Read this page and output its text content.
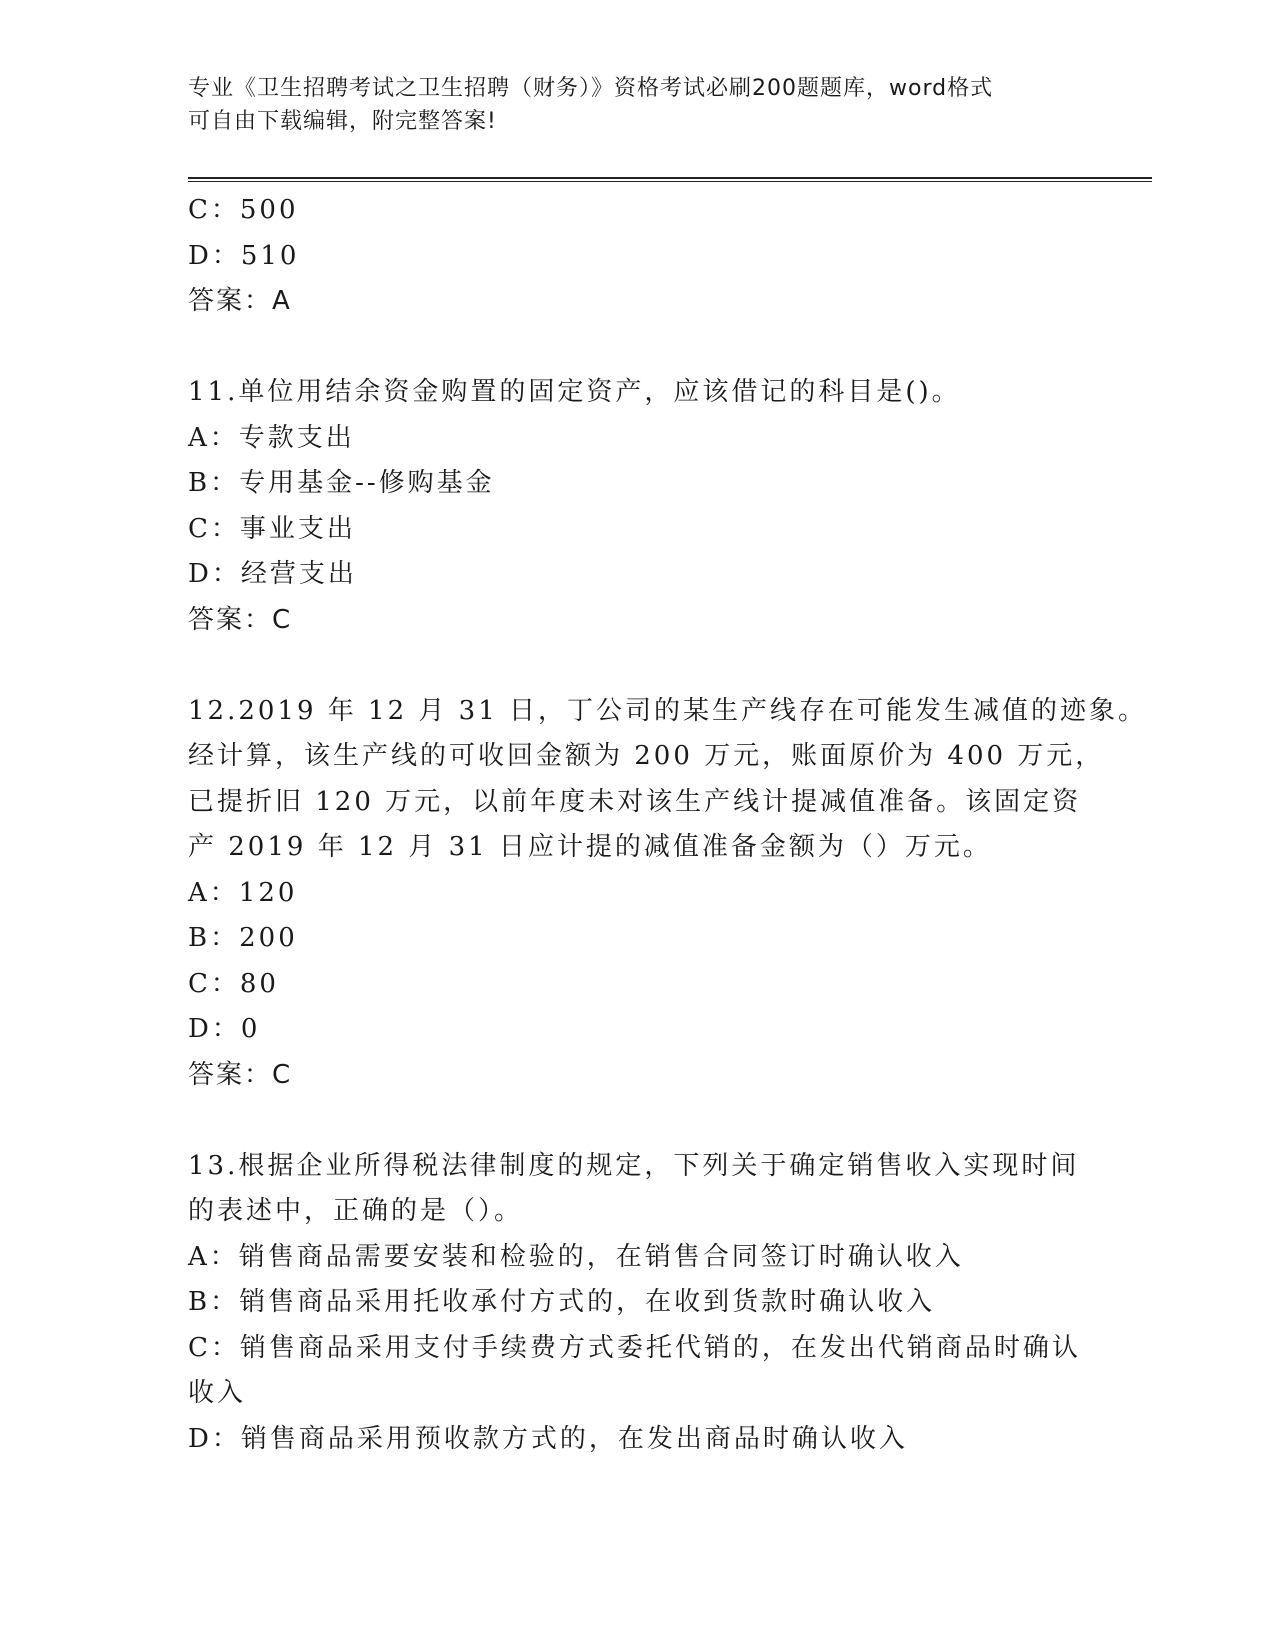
专业《卫生招聘考试之卫生招聘（财务）》资格考试必刷200题题库，word格式
可自由下载编辑，附完整答案!
C：500
D：510
答案：A
11.单位用结余资金购置的固定资产，应该借记的科目是()。
A：专款支出
B：专用基金--修购基金
C：事业支出
D：经营支出
答案：C
12.2019 年 12 月 31 日，丁公司的某生产线存在可能发生减值的迹象。
经计算，该生产线的可收回金额为 200 万元，账面原价为 400 万元，
已提折旧 120 万元，以前年度未对该生产线计提减值准备。该固定资
产 2019 年 12 月 31 日应计提的减值准备金额为（）万元。
A：120
B：200
C：80
D：0
答案：C
13.根据企业所得税法律制度的规定，下列关于确定销售收入实现时间
的表述中，正确的是（）。
A：销售商品需要安装和检验的，在销售合同签订时确认收入
B：销售商品采用托收承付方式的，在收到货款时确认收入
C：销售商品采用支付手续费方式委托代销的，在发出代销商品时确认
收入
D：销售商品采用预收款方式的，在发出商品时确认收入
